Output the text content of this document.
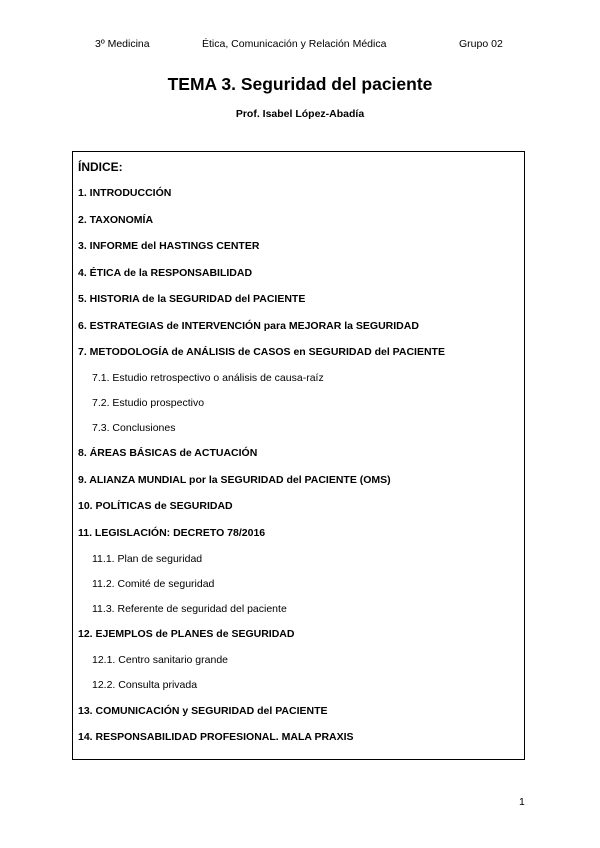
3º Medicina	Ética, Comunicación y Relación Médica	Grupo 02
TEMA 3. Seguridad del paciente
Prof. Isabel López-Abadía
ÍNDICE:
1. INTRODUCCIÓN
2. TAXONOMÍA
3. INFORME del HASTINGS CENTER
4. ÉTICA de la RESPONSABILIDAD
5. HISTORIA de la SEGURIDAD del PACIENTE
6. ESTRATEGIAS de INTERVENCIÓN para MEJORAR la SEGURIDAD
7. METODOLOGÍA de ANÁLISIS de CASOS en SEGURIDAD del PACIENTE
7.1. Estudio retrospectivo o análisis de causa-raíz
7.2. Estudio prospectivo
7.3. Conclusiones
8. ÁREAS BÁSICAS de ACTUACIÓN
9. ALIANZA MUNDIAL por la SEGURIDAD del PACIENTE (OMS)
10. POLÍTICAS de SEGURIDAD
11. LEGISLACIÓN: DECRETO 78/2016
11.1. Plan de seguridad
11.2. Comité de seguridad
11.3. Referente de seguridad del paciente
12. EJEMPLOS de PLANES de SEGURIDAD
12.1. Centro sanitario grande
12.2. Consulta privada
13. COMUNICACIÓN y SEGURIDAD del PACIENTE
14. RESPONSABILIDAD PROFESIONAL. MALA PRAXIS
1
